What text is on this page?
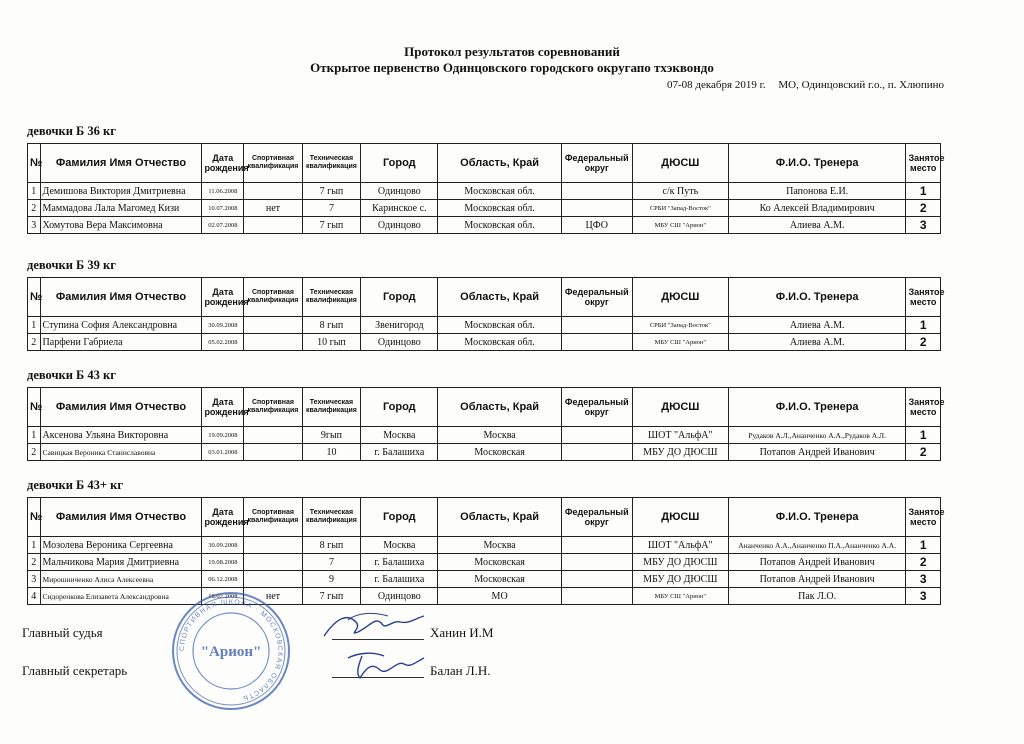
Протокол результатов соревнований
Открытое первенство Одинцовского городского округапо тхэквондо
07-08 декабря 2019 г. МО, Одинцовский г.о., п. Хлюпино
девочки Б 36 кг
№	Фамилия Имя Отчество	Дата рождения	Спортивная квалификация	Техническая квалификация	Город	Область, Край	Федеральный округ	ДЮСШ	Ф.И.О. Тренера	Занятое место
1	Демишова Виктория Дмитриевна	11.06.2008		7 гып	Одинцово	Московская обл.		с/к Путь	Папонова Е.И.	1
2	Маммадова Лала Магомед Кизи	10.07.2008	нет	7	Каринское с.	Московская обл.		СРБИ "Запад-Восток"	Ко Алексей Владимирович	2
3	Хомутова Вера Максимовна	02.07.2008		7 гып	Одинцово	Московская обл.	ЦФО	МБУ СШ "Арион"	Алиева А.М.	3
девочки Б 39 кг
№	Фамилия Имя Отчество	Дата рождения	Спортивная квалификация	Техническая квалификация	Город	Область, Край	Федеральный округ	ДЮСШ	Ф.И.О. Тренера	Занятое место
1	Ступина София Александровна	30.09.2008		8 гып	Звенигород	Московская обл.		СРБИ "Запад-Восток"	Алиева А.М.	1
2	Парфени Габриела	05.02.2008		10 гып	Одинцово	Московская обл.		МБУ СШ "Арион"	Алиева А.М.	2
девочки Б 43 кг
№	Фамилия Имя Отчество	Дата рождения	Спортивная квалификация	Техническая квалификация	Город	Область, Край	Федеральный округ	ДЮСШ	Ф.И.О. Тренера	Занятое место
1	Аксенова Ульяна Викторовна	19.09.2008		9гып	Москва	Москва		ШОТ "АльфА"	Рудаков А.Л.,Ананченко А.А.,Рудаков А.Л.	1
2	Савицкая Вероника Станиславовна	03.01.2008		10	г. Балашиха	Московская		МБУ ДО ДЮСШ	Потапов Андрей Иванович	2
девочки Б 43+ кг
№	Фамилия Имя Отчество	Дата рождения	Спортивная квалификация	Техническая квалификация	Город	Область, Край	Федеральный округ	ДЮСШ	Ф.И.О. Тренера	Занятое место
1	Мозолева Вероника Сергеевна	30.09.2008		8 гып	Москва	Москва		ШОТ "АльфА"	Ананченко А.А.,Ананченко П.А.,Ананченко А.А.	1
2	Мальчикова Мария Дмитриевна	19.08.2008		7	г. Балашиха	Московская		МБУ ДО ДЮСШ	Потапов Андрей Иванович	2
3	Мирошниченко Алиса Алексеевна	06.12.2008		9	г. Балашиха	Московская		МБУ ДО ДЮСШ	Потапов Андрей Иванович	3
4	Сидоренкова Елизавета Александровна	18.02.2008	нет	7 гып	Одинцово	МО		МБУ СШ "Арион"	Пак Л.О.	3
Главный судья	Ханин И.М
Главный секретарь	Балан Л.Н.
СПОРТИВНАЯ ШКОЛА · МОСКОВСКАЯ ОБЛАСТЬ
"Арион"
